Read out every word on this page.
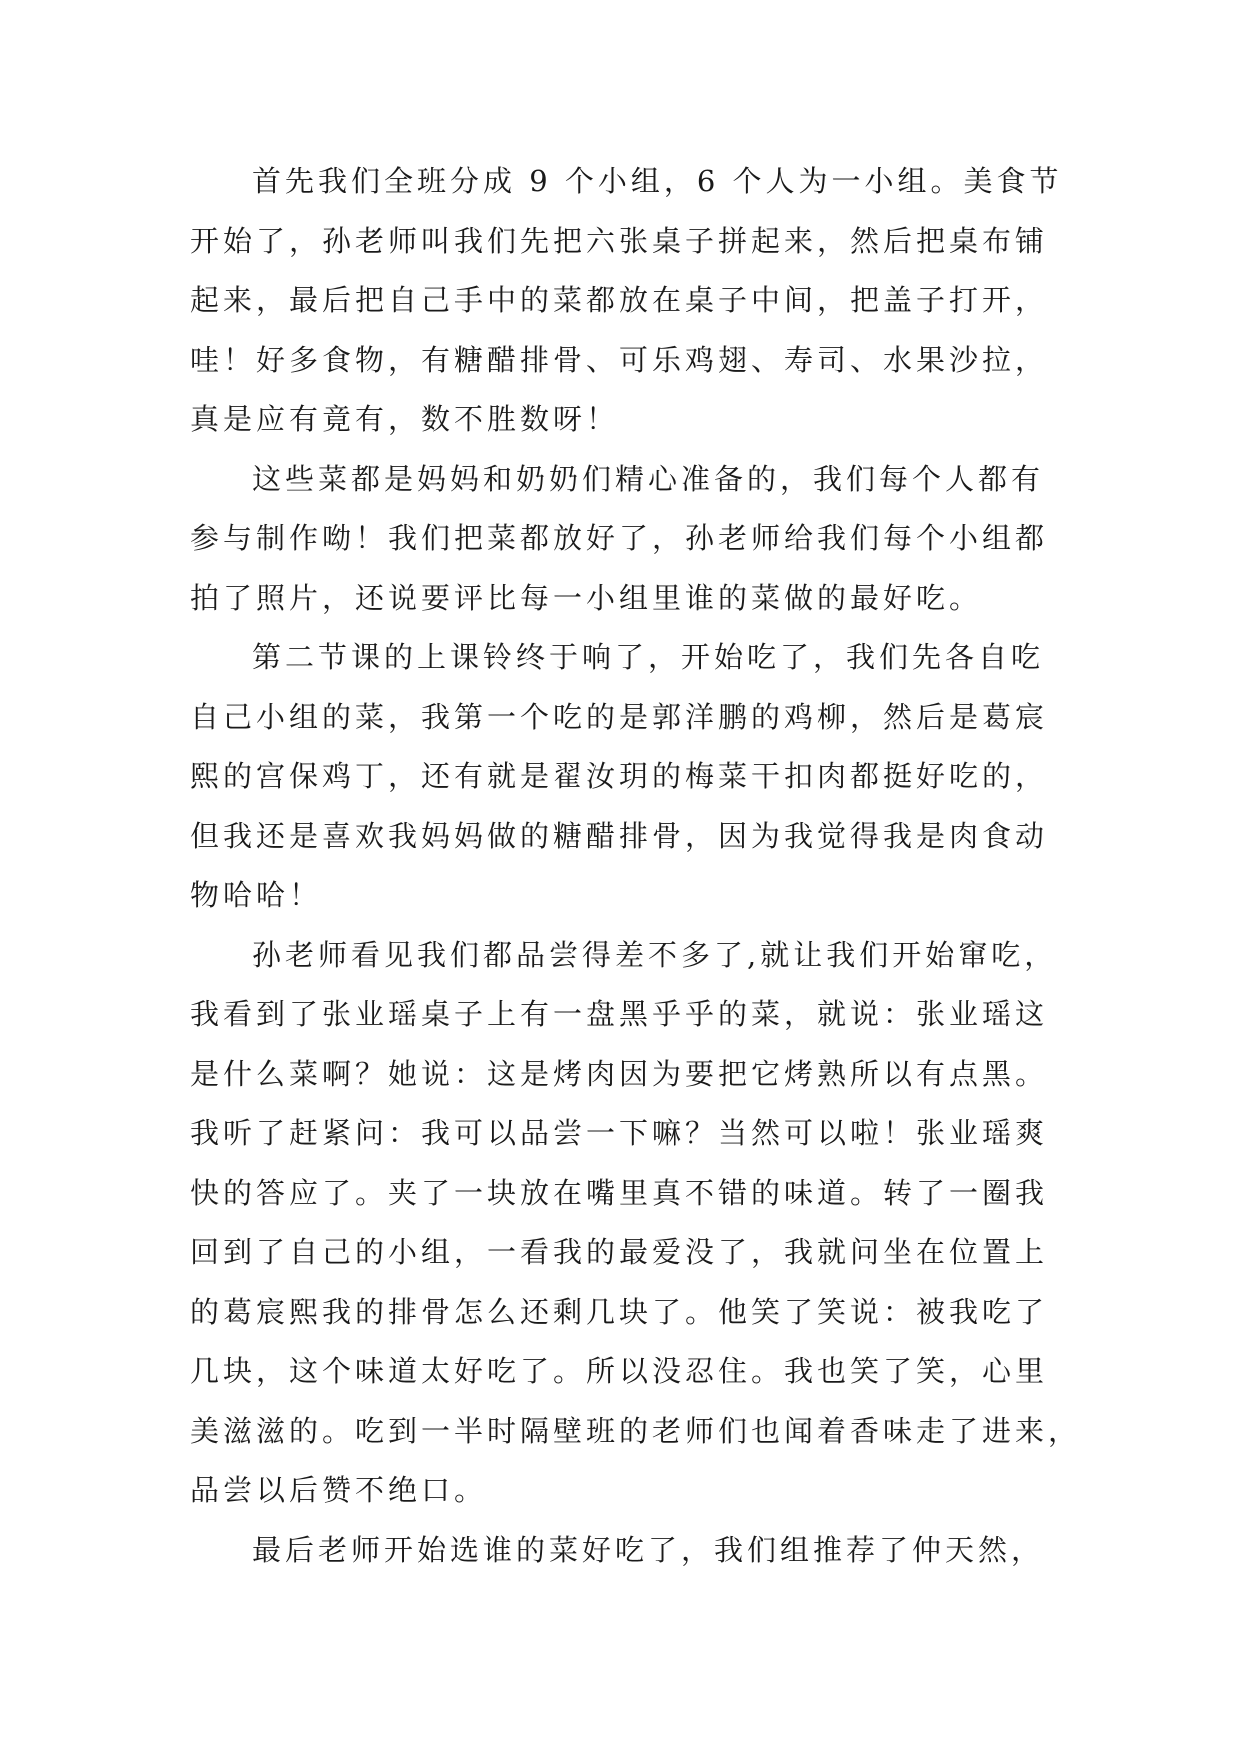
首先我们全班分成 9 个小组，6 个人为一小组。美食节
开始了，孙老师叫我们先把六张桌子拼起来，然后把桌布铺
起来，最后把自己手中的菜都放在桌子中间，把盖子打开，
哇！好多食物，有糖醋排骨、可乐鸡翅、寿司、水果沙拉，
真是应有竟有，数不胜数呀！
这些菜都是妈妈和奶奶们精心准备的，我们每个人都有
参与制作呦！我们把菜都放好了，孙老师给我们每个小组都
拍了照片，还说要评比每一小组里谁的菜做的最好吃。
第二节课的上课铃终于响了，开始吃了，我们先各自吃
自己小组的菜，我第一个吃的是郭洋鹏的鸡柳，然后是葛宸
熙的宫保鸡丁，还有就是翟汝玥的梅菜干扣肉都挺好吃的，
但我还是喜欢我妈妈做的糖醋排骨，因为我觉得我是肉食动
物哈哈！
孙老师看见我们都品尝得差不多了,就让我们开始窜吃，
我看到了张业瑶桌子上有一盘黑乎乎的菜，就说：张业瑶这
是什么菜啊？她说：这是烤肉因为要把它烤熟所以有点黑。
我听了赶紧问：我可以品尝一下嘛？当然可以啦！张业瑶爽
快的答应了。夹了一块放在嘴里真不错的味道。转了一圈我
回到了自己的小组，一看我的最爱没了，我就问坐在位置上
的葛宸熙我的排骨怎么还剩几块了。他笑了笑说：被我吃了
几块，这个味道太好吃了。所以没忍住。我也笑了笑，心里
美滋滋的。吃到一半时隔壁班的老师们也闻着香味走了进来，
品尝以后赞不绝口。
最后老师开始选谁的菜好吃了，我们组推荐了仲天然，
